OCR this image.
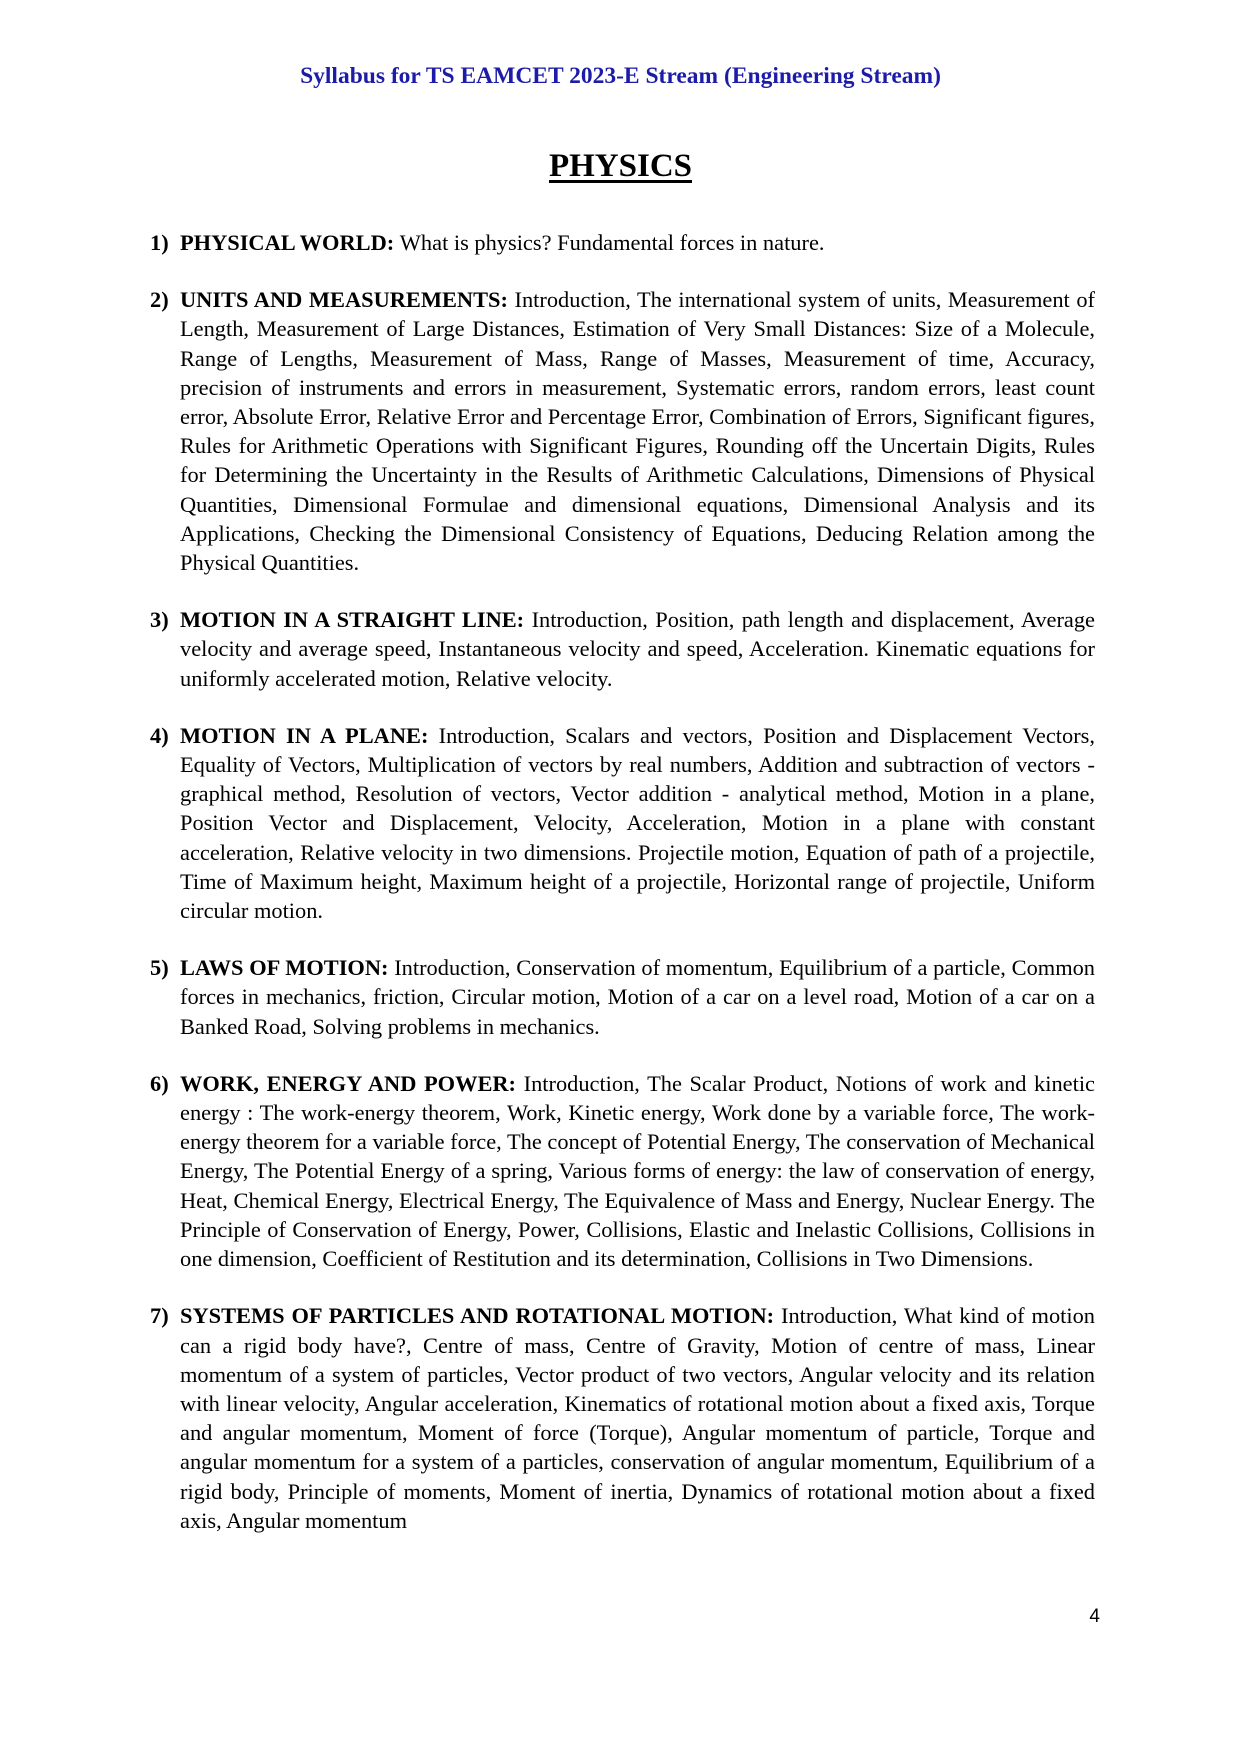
Syllabus for TS EAMCET 2023-E Stream (Engineering Stream)
PHYSICS
1) PHYSICAL WORLD: What is physics? Fundamental forces in nature.
2) UNITS AND MEASUREMENTS: Introduction, The international system of units, Measurement of Length, Measurement of Large Distances, Estimation of Very Small Distances: Size of a Molecule, Range of Lengths, Measurement of Mass, Range of Masses, Measurement of time, Accuracy, precision of instruments and errors in measurement, Systematic errors, random errors, least count error, Absolute Error, Relative Error and Percentage Error, Combination of Errors, Significant figures, Rules for Arithmetic Operations with Significant Figures, Rounding off the Uncertain Digits, Rules for Determining the Uncertainty in the Results of Arithmetic Calculations, Dimensions of Physical Quantities, Dimensional Formulae and dimensional equations, Dimensional Analysis and its Applications, Checking the Dimensional Consistency of Equations, Deducing Relation among the Physical Quantities.
3) MOTION IN A STRAIGHT LINE: Introduction, Position, path length and displacement, Average velocity and average speed, Instantaneous velocity and speed, Acceleration. Kinematic equations for uniformly accelerated motion, Relative velocity.
4) MOTION IN A PLANE: Introduction, Scalars and vectors, Position and Displacement Vectors, Equality of Vectors, Multiplication of vectors by real numbers, Addition and subtraction of vectors - graphical method, Resolution of vectors, Vector addition - analytical method, Motion in a plane, Position Vector and Displacement, Velocity, Acceleration, Motion in a plane with constant acceleration, Relative velocity in two dimensions. Projectile motion, Equation of path of a projectile, Time of Maximum height, Maximum height of a projectile, Horizontal range of projectile, Uniform circular motion.
5) LAWS OF MOTION: Introduction, Conservation of momentum, Equilibrium of a particle, Common forces in mechanics, friction, Circular motion, Motion of a car on a level road, Motion of a car on a Banked Road, Solving problems in mechanics.
6) WORK, ENERGY AND POWER: Introduction, The Scalar Product, Notions of work and kinetic energy : The work-energy theorem, Work, Kinetic energy, Work done by a variable force, The work-energy theorem for a variable force, The concept of Potential Energy, The conservation of Mechanical Energy, The Potential Energy of a spring, Various forms of energy: the law of conservation of energy, Heat, Chemical Energy, Electrical Energy, The Equivalence of Mass and Energy, Nuclear Energy. The Principle of Conservation of Energy, Power, Collisions, Elastic and Inelastic Collisions, Collisions in one dimension, Coefficient of Restitution and its determination, Collisions in Two Dimensions.
7) SYSTEMS OF PARTICLES AND ROTATIONAL MOTION: Introduction, What kind of motion can a rigid body have?, Centre of mass, Centre of Gravity, Motion of centre of mass, Linear momentum of a system of particles, Vector product of two vectors, Angular velocity and its relation with linear velocity, Angular acceleration, Kinematics of rotational motion about a fixed axis, Torque and angular momentum, Moment of force (Torque), Angular momentum of particle, Torque and angular momentum for a system of a particles, conservation of angular momentum, Equilibrium of a rigid body, Principle of moments, Moment of inertia, Dynamics of rotational motion about a fixed axis, Angular momentum
4
